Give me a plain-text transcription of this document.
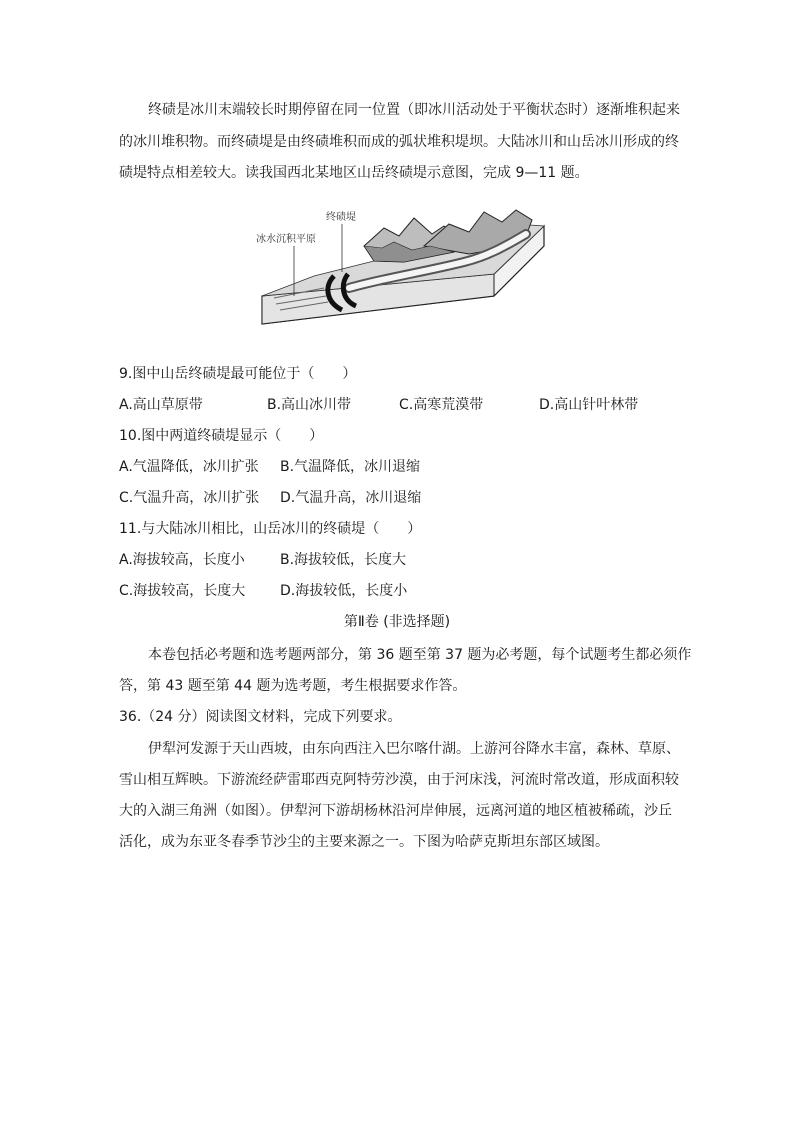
终碛是冰川末端较长时期停留在同一位置（即冰川活动处于平衡状态时）逐渐堆积起来
的冰川堆积物。而终碛堤是由终碛堆积而成的弧状堆积堤坝。大陆冰川和山岳冰川形成的终
碛堤特点相差较大。读我国西北某地区山岳终碛堤示意图，完成 9—11 题。
终碛堤
冰水沉积平原
9.图中山岳终碛堤最可能位于（　　）
A.高山草原带	B.高山冰川带	C.高寒荒漠带	D.高山针叶林带
10.图中两道终碛堤显示（　　）
A.气温降低，冰川扩张 B.气温降低，冰川退缩
C.气温升高，冰川扩张 D.气温升高，冰川退缩
11.与大陆冰川相比，山岳冰川的终碛堤（　　）
A.海拔较高，长度小	B.海拔较低，长度大
C.海拔较高，长度大 D.海拔较低，长度小
第Ⅱ卷 (非选择题)
本卷包括必考题和选考题两部分，第 36 题至第 37 题为必考题，每个试题考生都必须作
答，第 43 题至第 44 题为选考题，考生根据要求作答。
36.（24 分）阅读图文材料，完成下列要求。
伊犁河发源于天山西坡，由东向西注入巴尔喀什湖。上游河谷降水丰富，森林、草原、
雪山相互辉映。下游流经萨雷耶西克阿特劳沙漠，由于河床浅，河流时常改道，形成面积较
大的入湖三角洲（如图）。伊犁河下游胡杨林沿河岸伸展，远离河道的地区植被稀疏，沙丘
活化，成为东亚冬春季节沙尘的主要来源之一。下图为哈萨克斯坦东部区域图。
